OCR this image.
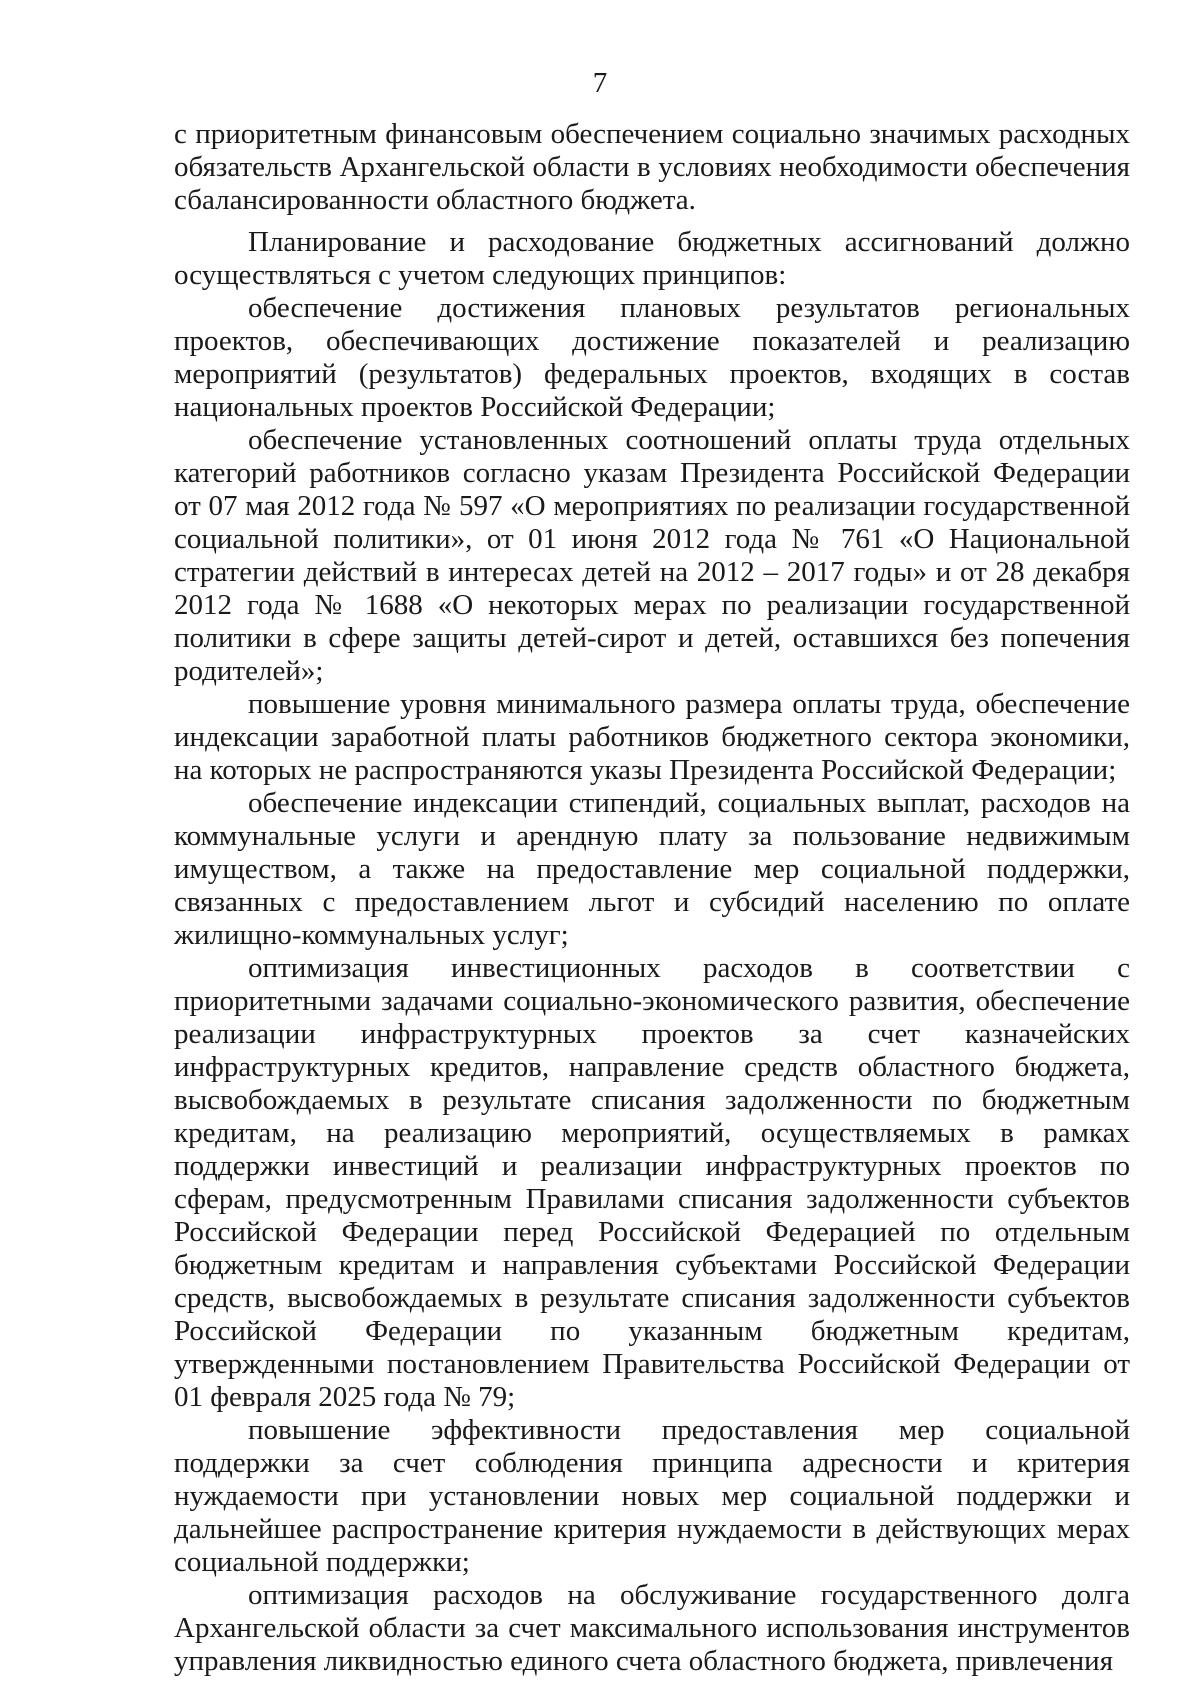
7

с приоритетным финансовым обеспечением социально значимых расходных обязательств Архангельской области в условиях необходимости обеспечения сбалансированности областного бюджета.

Планирование и расходование бюджетных ассигнований должно осуществляться с учетом следующих принципов:

обеспечение достижения плановых результатов региональных проектов, обеспечивающих достижение показателей и реализацию мероприятий (результатов) федеральных проектов, входящих в состав национальных проектов Российской Федерации;

обеспечение установленных соотношений оплаты труда отдельных категорий работников согласно указам Президента Российской Федерации от 07 мая 2012 года № 597 «О мероприятиях по реализации государственной социальной политики», от 01 июня 2012 года № 761 «О Национальной стратегии действий в интересах детей на 2012 – 2017 годы» и от 28 декабря 2012 года № 1688 «О некоторых мерах по реализации государственной политики в сфере защиты детей-сирот и детей, оставшихся без попечения родителей»;

повышение уровня минимального размера оплаты труда, обеспечение индексации заработной платы работников бюджетного сектора экономики, на которых не распространяются указы Президента Российской Федерации;

обеспечение индексации стипендий, социальных выплат, расходов на коммунальные услуги и арендную плату за пользование недвижимым имуществом, а также на предоставление мер социальной поддержки, связанных с предоставлением льгот и субсидий населению по оплате жилищно-коммунальных услуг;

оптимизация инвестиционных расходов в соответствии с приоритетными задачами социально-экономического развития, обеспечение реализации инфраструктурных проектов за счет казначейских инфраструктурных кредитов, направление средств областного бюджета, высвобождаемых в результате списания задолженности по бюджетным кредитам, на реализацию мероприятий, осуществляемых в рамках поддержки инвестиций и реализации инфраструктурных проектов по сферам, предусмотренным Правилами списания задолженности субъектов Российской Федерации перед Российской Федерацией по отдельным бюджетным кредитам и направления субъектами Российской Федерации средств, высвобождаемых в результате списания задолженности субъектов Российской Федерации по указанным бюджетным кредитам, утвержденными постановлением Правительства Российской Федерации от 01 февраля 2025 года № 79;

повышение эффективности предоставления мер социальной поддержки за счет соблюдения принципа адресности и критерия нуждаемости при установлении новых мер социальной поддержки и дальнейшее распространение критерия нуждаемости в действующих мерах социальной поддержки;

оптимизация расходов на обслуживание государственного долга Архангельской области за счет максимального использования инструментов управления ликвидностью единого счета областного бюджета, привлечения
